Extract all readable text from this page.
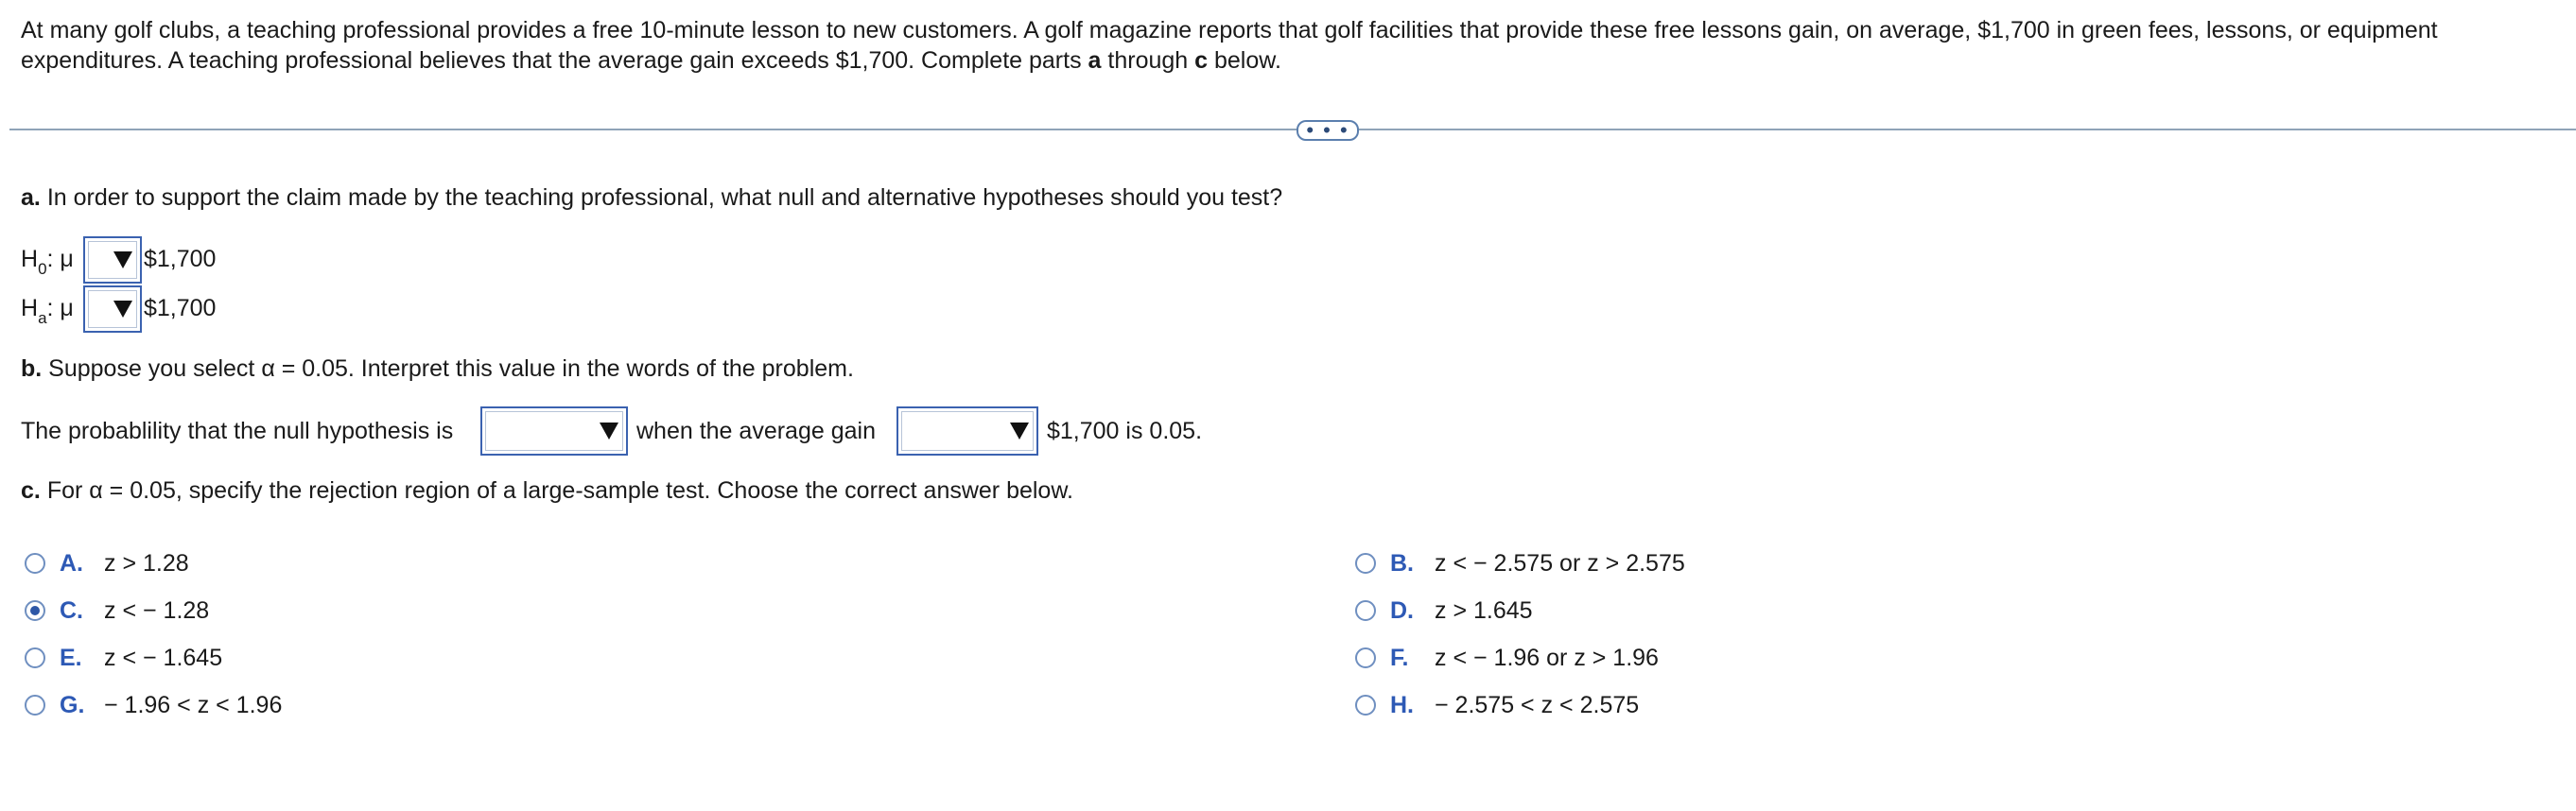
At many golf clubs, a teaching professional provides a free 10-minute lesson to new customers. A golf magazine reports that golf facilities that provide these free lessons gain, on average, $1,700 in green fees, lessons, or equipment expenditures. A teaching professional believes that the average gain exceeds $1,700. Complete parts a through c below.
• • •
a. In order to support the claim made by the teaching professional, what null and alternative hypotheses should you test?
$H_0$: μ	$1,700
$H_a$: μ	$1,700
b. Suppose you select α = 0.05. Interpret this value in the words of the problem.
The probablility that the null hypothesis is	when the average gain	$1,700 is 0.05.
c. For α = 0.05, specify the rejection region of a large-sample test. Choose the correct answer below.
A. z > 1.28
C. z < − 1.28
E. z < − 1.645
G. − 1.96 < z < 1.96
B. z < − 2.575 or z > 2.575
D. z > 1.645
F. z < − 1.96 or z > 1.96
H. − 2.575 < z < 2.575
